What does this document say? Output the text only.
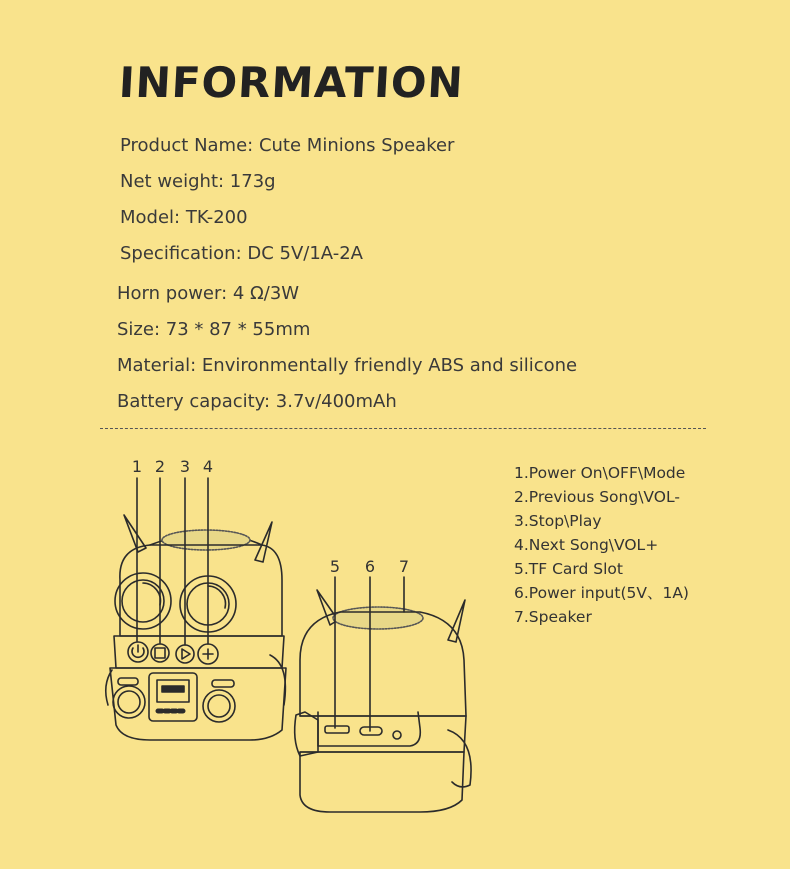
INFORMATION
Product Name: Cute Minions Speaker
Net weight: 173g
Model: TK-200
Specification: DC 5V/1A-2A
Horn power: 4 Ω/3W
Size: 73 * 87 * 55mm
Material: Environmentally friendly ABS and silicone
Battery capacity: 3.7v/400mAh
1 2 3 4
5 6 7
1.Power On\OFF\Mode
2.Previous Song\VOL-
3.Stop\Play
4.Next Song\VOL+
5.TF Card Slot
6.Power input(5V、1A)
7.Speaker
